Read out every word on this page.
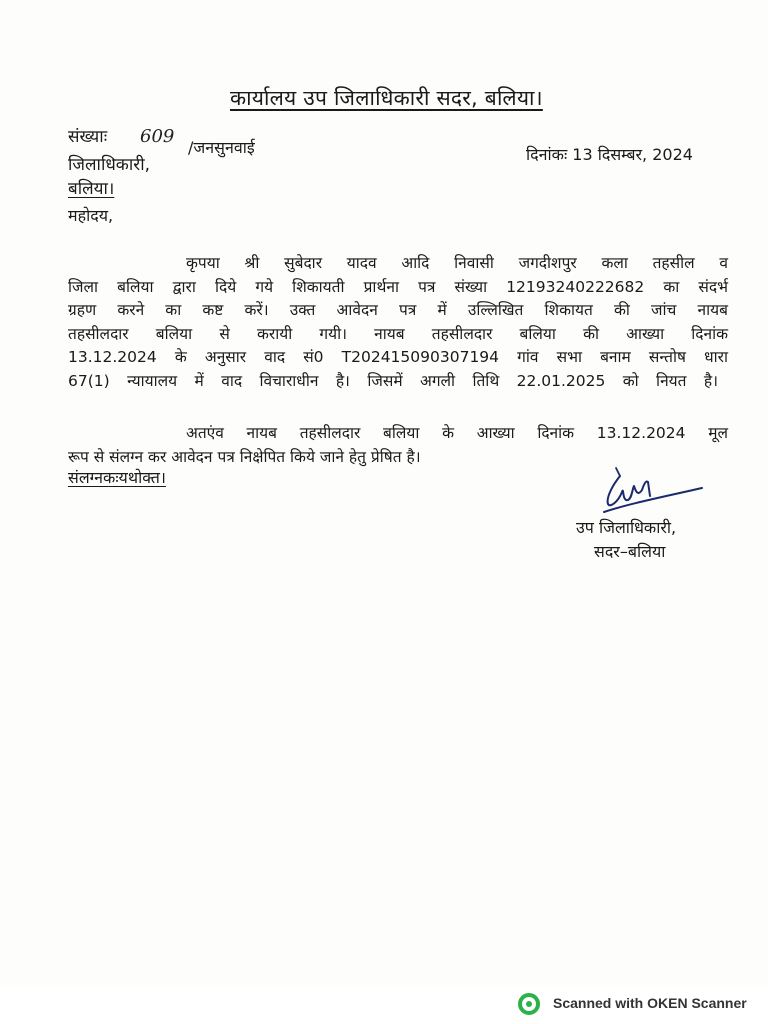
कार्यालय उप जिलाधिकारी सदर, बलिया।
संख्याः 609
/जनसुनवाई	दिनांकः 13 दिसम्बर, 2024
जिलाधिकारी,
बलिया।
महोदय,
कृपया श्री सुबेदार यादव आदि निवासी जगदीशपुर कला तहसील व
जिला बलिया द्वारा दिये गये शिकायती प्रार्थना पत्र संख्या 12193240222682 का संदर्भ
ग्रहण करने का कष्ट करें। उक्त आवेदन पत्र में उल्लिखित शिकायत की जांच नायब
तहसीलदार बलिया से करायी गयी। नायब तहसीलदार बलिया की आख्या दिनांक
13.12.2024 के अनुसार वाद सं0 T202415090307194 गांव सभा बनाम सन्तोष धारा
67(1) न्यायालय में वाद विचाराधीन है। जिसमें अगली तिथि 22.01.2025 को नियत है।
अतएंव नायब तहसीलदार बलिया के आख्या दिनांक 13.12.2024 मूल
रूप से संलग्न कर आवेदन पत्र निक्षेपित किये जाने हेतु प्रेषित है।
संलग्नकःयथोक्त।
उप जिलाधिकारी,
सदर–बलिया
Scanned with OKEN Scanner
